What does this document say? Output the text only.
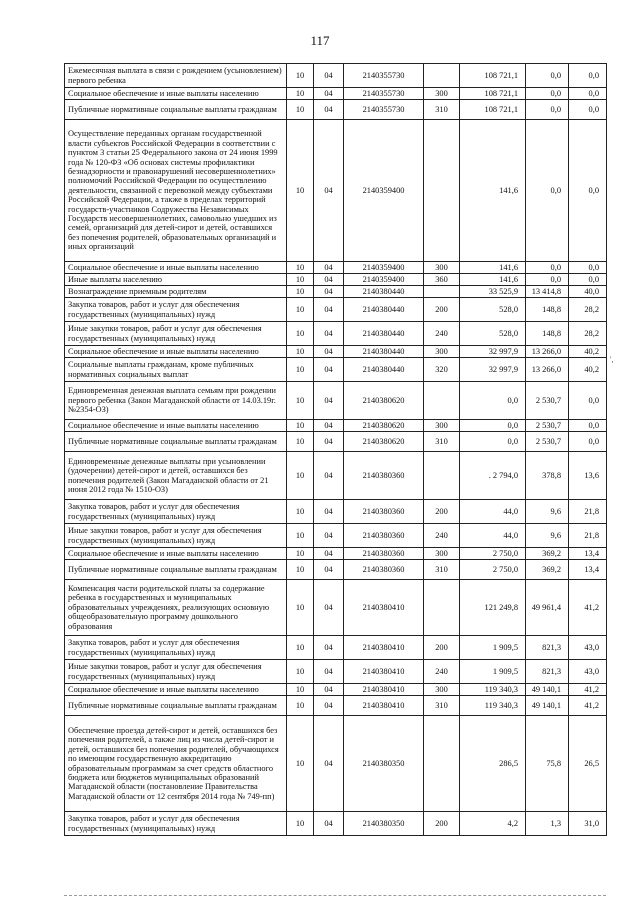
117
Ежемесячная выплата в связи с рождением (усыновлением) первого ребенка	10	04	2140355730		108 721,1	0,0	0,0
Социальное обеспечение и иные выплаты населению	10	04	2140355730	300	108 721,1	0,0	0,0
Публичные нормативные социальные выплаты гражданам	10	04	2140355730	310	108 721,1	0,0	0,0
Осуществление переданных органам государственной власти субъектов Российской Федерации в соответствии с пунктом 3 статьи 25 Федерального закона от 24 июня 1999 года № 120-ФЗ «Об основах системы профилактики безнадзорности и правонарушений несовершеннолетних» полномочий Российской Федерации по осуществлению деятельности, связанной с перевозкой между субъектами Российской Федерации, а также в пределах территорий государств-участников Содружества Независимых Государств несовершеннолетних, самовольно ушедших из семей, организаций для детей-сирот и детей, оставшихся без попечения родителей, образовательных организаций и иных организаций	10	04	2140359400		141,6	0,0	0,0
Социальное обеспечение и иные выплаты населению	10	04	2140359400	300	141,6	0,0	0,0
Иные выплаты населению	10	04	2140359400	360	141,6	0,0	0,0
Вознаграждение приемным родителям	10	04	2140380440		33 525,9	13 414,8	40,0
Закупка товаров, работ и услуг для обеспечения государственных (муниципальных) нужд	10	04	2140380440	200	528,0	148,8	28,2
Иные закупки товаров, работ и услуг для обеспечения государственных (муниципальных) нужд	10	04	2140380440	240	528,0	148,8	28,2
Социальное обеспечение и иные выплаты населению	10	04	2140380440	300	32 997,9	13 266,0	40,2
Социальные выплаты гражданам, кроме публичных нормативных социальных выплат	10	04	2140380440	320	32 997,9	13 266,0	40,2
Единовременная денежная выплата семьям при рождении первого ребенка (Закон Магаданской области от 14.03.19г. №2354-ОЗ)	10	04	2140380620		0,0	2 530,7	0,0
Социальное обеспечение и иные выплаты населению	10	04	2140380620	300	0,0	2 530,7	0,0
Публичные нормативные социальные выплаты гражданам	10	04	2140380620	310	0,0	2 530,7	0,0
Единовременные денежные выплаты при усыновлении (удочерении) детей-сирот и детей, оставшихся без попечения родителей (Закон Магаданской области от 21 июня 2012 года № 1510-ОЗ)	10	04	2140380360		. 2 794,0	378,8	13,6
Закупка товаров, работ и услуг для обеспечения государственных (муниципальных) нужд	10	04	2140380360	200	44,0	9,6	21,8
Иные закупки товаров, работ и услуг для обеспечения государственных (муниципальных) нужд	10	04	2140380360	240	44,0	9,6	21,8
Социальное обеспечение и иные выплаты населению	10	04	2140380360	300	2 750,0	369,2	13,4
Публичные нормативные социальные выплаты гражданам	10	04	2140380360	310	2 750,0	369,2	13,4
Компенсация части родительской платы за содержание ребенка в государственных и муниципальных образовательных учреждениях, реализующих основную общеобразовательную программу дошкольного образования	10	04	2140380410		121 249,8	49 961,4	41,2
Закупка товаров, работ и услуг для обеспечения государственных (муниципальных) нужд	10	04	2140380410	200	1 909,5	821,3	43,0
Иные закупки товаров, работ и услуг для обеспечения государственных (муниципальных) нужд	10	04	2140380410	240	1 909,5	821,3	43,0
Социальное обеспечение и иные выплаты населению	10	04	2140380410	300	119 340,3	49 140,1	41,2
Публичные нормативные социальные выплаты гражданам	10	04	2140380410	310	119 340,3	49 140,1	41,2
Обеспечение проезда детей-сирот и детей, оставшихся без попечения родителей, а также лиц из числа детей-сирот и детей, оставшихся без попечения родителей, обучающихся по имеющим государственную аккредитацию образовательным программам за счет средств областного бюджета или бюджетов муниципальных образований Магаданской области (постановление Правительства Магаданской области от 12 сентября 2014 года № 749-пп)	10	04	2140380350		286,5	75,8	26,5
Закупка товаров, работ и услуг для обеспечения государственных (муниципальных) нужд	10	04	2140380350	200	4,2	1,3	31,0
',
